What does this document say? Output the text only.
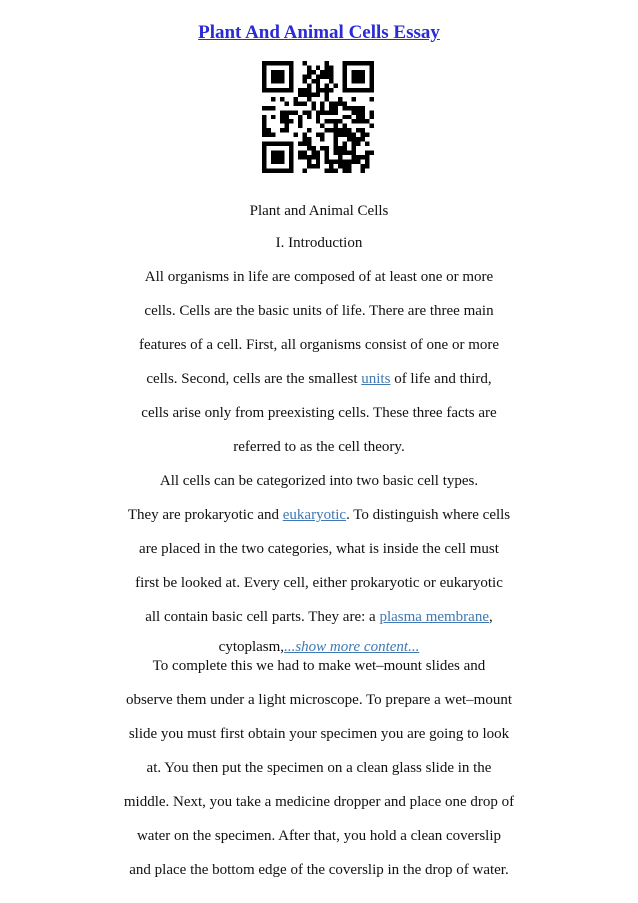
Plant And Animal Cells Essay
Plant and Animal Cells
I. Introduction
All organisms in life are composed of at least one or more
cells. Cells are the basic units of life. There are three main
features of a cell. First, all organisms consist of one or more
cells. Second, cells are the smallest units of life and third,
cells arise only from preexisting cells. These three facts are
referred to as the cell theory.
All cells can be categorized into two basic cell types.
They are prokaryotic and eukaryotic. To distinguish where cells
are placed in the two categories, what is inside the cell must
first be looked at. Every cell, either prokaryotic or eukaryotic
all contain basic cell parts. They are: a plasma membrane,
cytoplasm,...show more content...
To complete this we had to make wet–mount slides and
observe them under a light microscope. To prepare a wet–mount
slide you must first obtain your specimen you are going to look
at. You then put the specimen on a clean glass slide in the
middle. Next, you take a medicine dropper and place one drop of
water on the specimen. After that, you hold a clean coverslip
and place the bottom edge of the coverslip in the drop of water.
